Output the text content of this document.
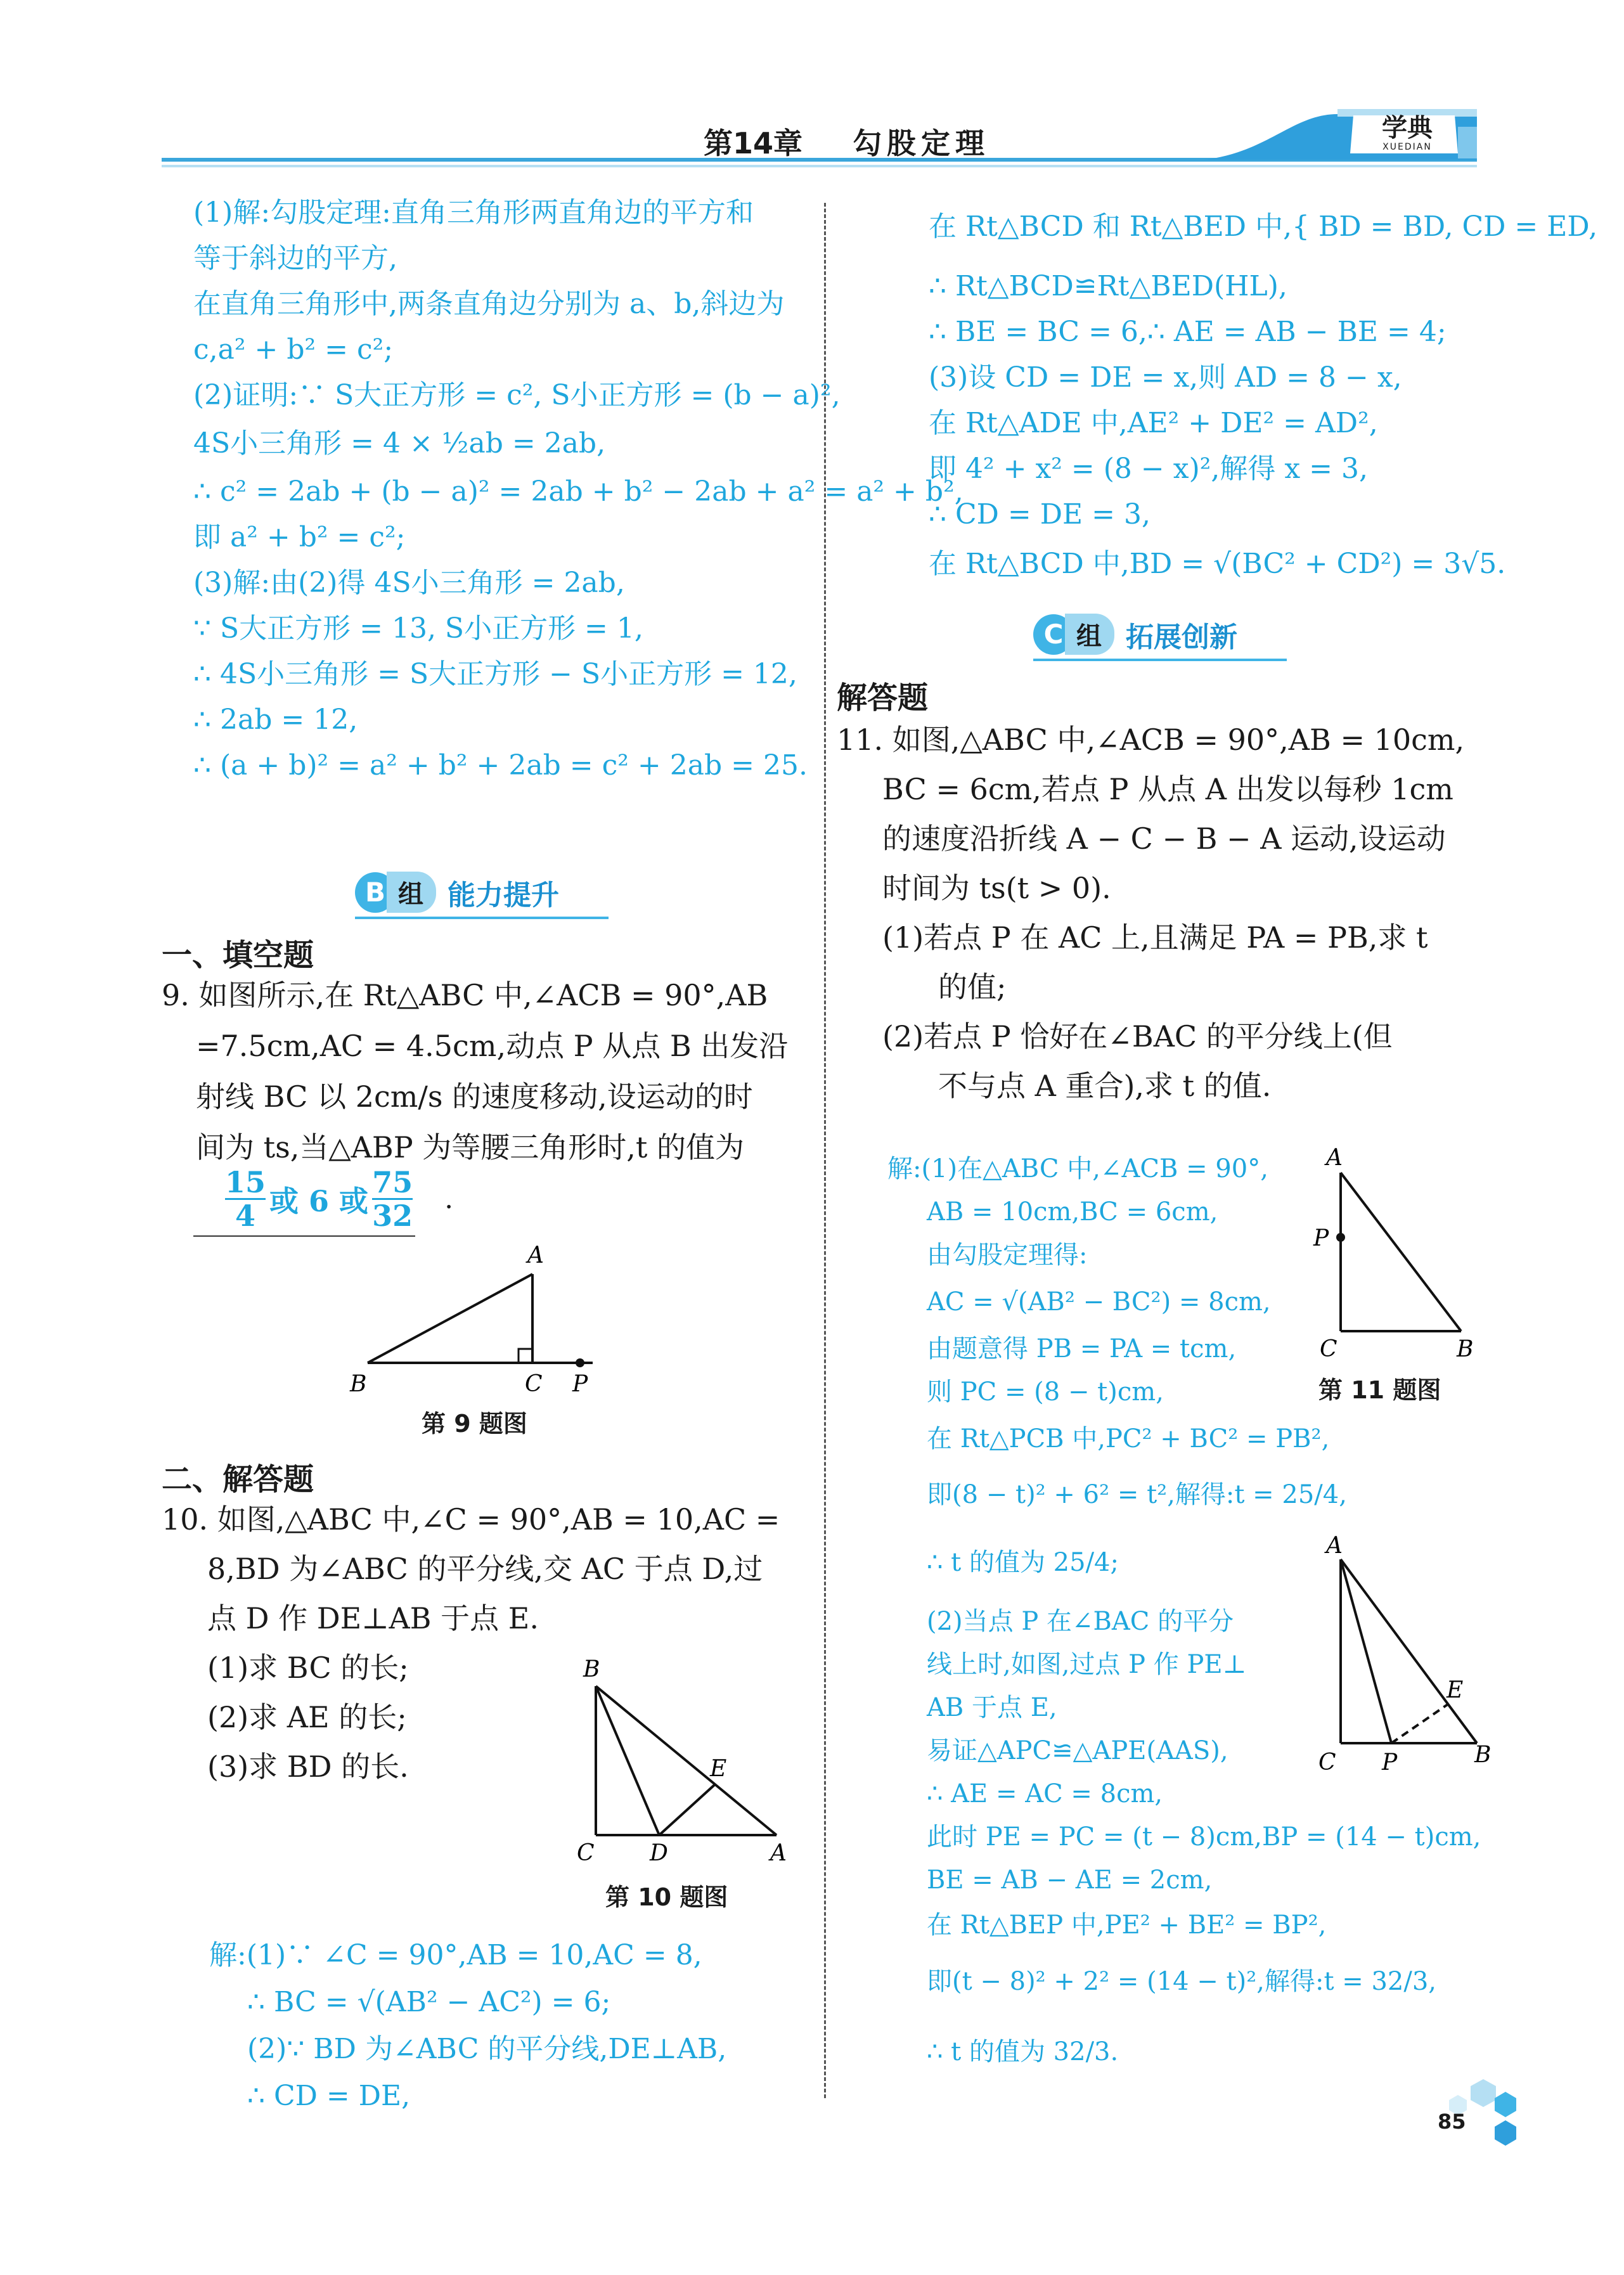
第14章 勾股定理	学典
XUEDIAN
(1)解:勾股定理:直角三角形两直角边的平方和
等于斜边的平方,
在直角三角形中,两条直角边分别为 a、b,斜边为
c,a² + b² = c²;
(2)证明:∵ S大正方形 = c², S小正方形 = (b − a)²,
4S小三角形 = 4 × ½ab = 2ab,
∴ c² = 2ab + (b − a)² = 2ab + b² − 2ab + a² = a² + b²,
即 a² + b² = c²;
(3)解:由(2)得 4S小三角形 = 2ab,
∵ S大正方形 = 13, S小正方形 = 1,
∴ 4S小三角形 = S大正方形 − S小正方形 = 12,
∴ 2ab = 12,
∴ (a + b)² = a² + b² + 2ab = c² + 2ab = 25.
B 组 能力提升
一、填空题
9. 如图所示,在 Rt△ABC 中,∠ACB = 90°,AB
=7.5cm,AC = 4.5cm,动点 P 从点 B 出发沿
射线 BC 以 2cm/s 的速度移动,设运动的时
间为 ts,当△ABP 为等腰三角形时,t 的值为
$\frac{15}{4}$ 或 6 或 $\frac{75}{32}$ .
A
B	C P
第 9 题图
二、解答题
10. 如图,△ABC 中,∠C = 90°,AB = 10,AC =
8,BD 为∠ABC 的平分线,交 AC 于点 D,过
点 D 作 DE⊥AB 于点 E.
(1)求 BC 的长;
(2)求 AE 的长;
(3)求 BD 的长.
B
C D	A
E
第 10 题图
解:(1)∵ ∠C = 90°,AB = 10,AC = 8,
∴ BC = √(AB² − AC²) = 6;
(2)∵ BD 为∠ABC 的平分线,DE⊥AB,
∴ CD = DE,
在 Rt△BCD 和 Rt△BED 中,{ BD = BD, CD = ED,
∴ Rt△BCD≌Rt△BED(HL),
∴ BE = BC = 6,∴ AE = AB − BE = 4;
(3)设 CD = DE = x,则 AD = 8 − x,
在 Rt△ADE 中,AE² + DE² = AD²,
即 4² + x² = (8 − x)²,解得 x = 3,
∴ CD = DE = 3,
在 Rt△BCD 中,BD = √(BC² + CD²) = 3√5.
C 组 拓展创新
解答题
11. 如图,△ABC 中,∠ACB = 90°,AB = 10cm,
BC = 6cm,若点 P 从点 A 出发以每秒 1cm
的速度沿折线 A − C − B − A 运动,设运动
时间为 ts(t > 0).
(1)若点 P 在 AC 上,且满足 PA = PB,求 t
的值;
(2)若点 P 恰好在∠BAC 的平分线上(但
不与点 A 重合),求 t 的值.
A
P
C	B
第 11 题图
A
E
C P	B
解:(1)在△ABC 中,∠ACB = 90°,
AB = 10cm,BC = 6cm,
由勾股定理得:
AC = √(AB² − BC²) = 8cm,
由题意得 PB = PA = tcm,
则 PC = (8 − t)cm,
在 Rt△PCB 中,PC² + BC² = PB²,
即(8 − t)² + 6² = t²,解得:t = 25/4,
∴ t 的值为 25/4;
(2)当点 P 在∠BAC 的平分
线上时,如图,过点 P 作 PE⊥
AB 于点 E,
易证△APC≌△APE(AAS),
∴ AE = AC = 8cm,
此时 PE = PC = (t − 8)cm,BP = (14 − t)cm,
BE = AB − AE = 2cm,
在 Rt△BEP 中,PE² + BE² = BP²,
即(t − 8)² + 2² = (14 − t)²,解得:t = 32/3,
∴ t 的值为 32/3.
85
